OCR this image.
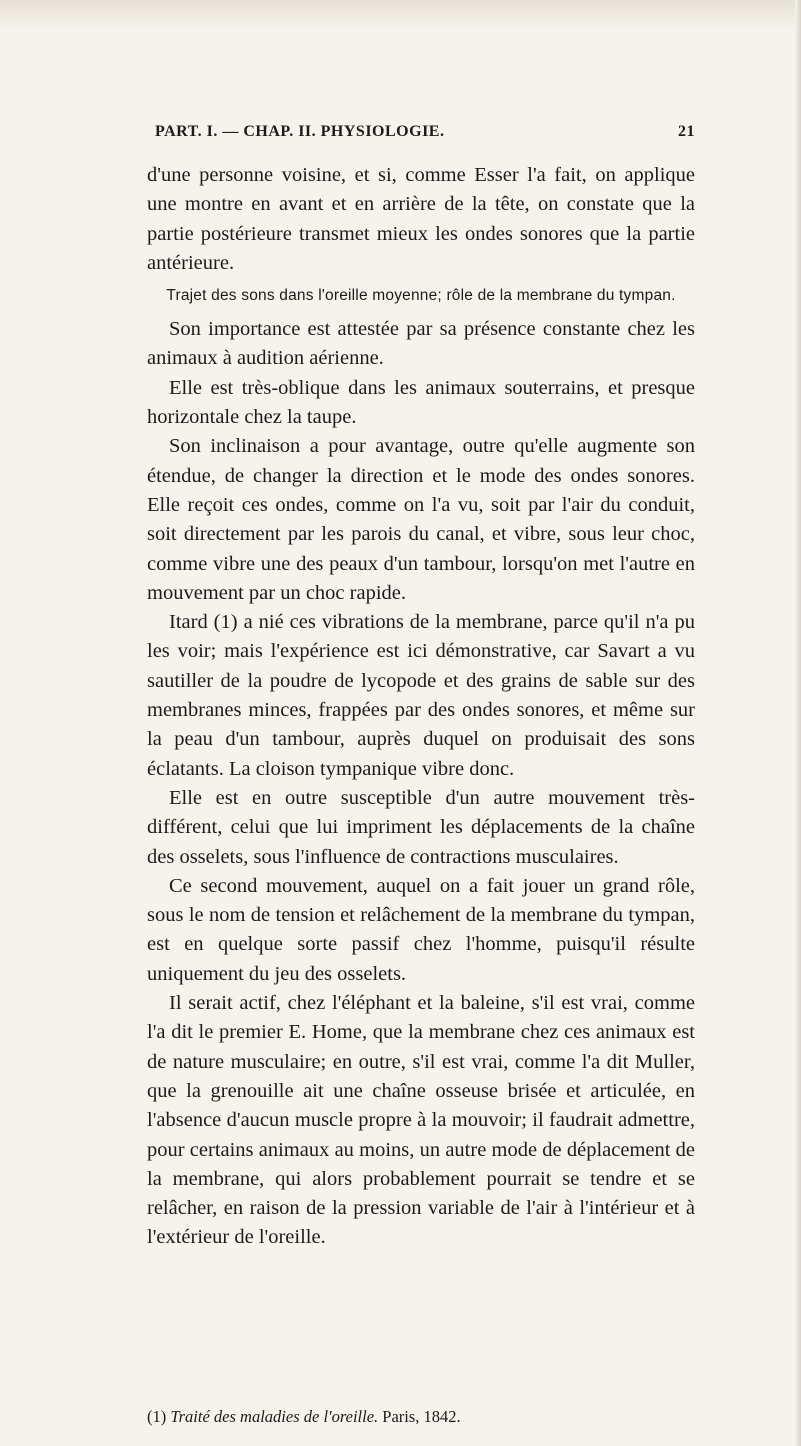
PART. I. — CHAP. II. PHYSIOLOGIE.	21

d'une personne voisine, et si, comme Esser l'a fait, on applique une montre en avant et en arrière de la tête, on constate que la partie postérieure transmet mieux les ondes sonores que la partie antérieure.

Trajet des sons dans l'oreille moyenne; rôle de la membrane du tympan.

Son importance est attestée par sa présence constante chez les animaux à audition aérienne.

Elle est très-oblique dans les animaux souterrains, et presque horizontale chez la taupe.

Son inclinaison a pour avantage, outre qu'elle augmente son étendue, de changer la direction et le mode des ondes sonores. Elle reçoit ces ondes, comme on l'a vu, soit par l'air du conduit, soit directement par les parois du canal, et vibre, sous leur choc, comme vibre une des peaux d'un tambour, lorsqu'on met l'autre en mouvement par un choc rapide.

Itard (1) a nié ces vibrations de la membrane, parce qu'il n'a pu les voir; mais l'expérience est ici démonstrative, car Savart a vu sautiller de la poudre de lycopode et des grains de sable sur des membranes minces, frappées par des ondes sonores, et même sur la peau d'un tambour, auprès duquel on produisait des sons éclatants. La cloison tympanique vibre donc.

Elle est en outre susceptible d'un autre mouvement très-différent, celui que lui impriment les déplacements de la chaîne des osselets, sous l'influence de contractions musculaires.

Ce second mouvement, auquel on a fait jouer un grand rôle, sous le nom de tension et relâchement de la membrane du tympan, est en quelque sorte passif chez l'homme, puisqu'il résulte uniquement du jeu des osselets.

Il serait actif, chez l'éléphant et la baleine, s'il est vrai, comme l'a dit le premier E. Home, que la membrane chez ces animaux est de nature musculaire; en outre, s'il est vrai, comme l'a dit Muller, que la grenouille ait une chaîne osseuse brisée et articulée, en l'absence d'aucun muscle propre à la mouvoir; il faudrait admettre, pour certains animaux au moins, un autre mode de déplacement de la membrane, qui alors probablement pourrait se tendre et se relâcher, en raison de la pression variable de l'air à l'intérieur et à l'extérieur de l'oreille.

(1) Traité des maladies de l'oreille. Paris, 1842.
